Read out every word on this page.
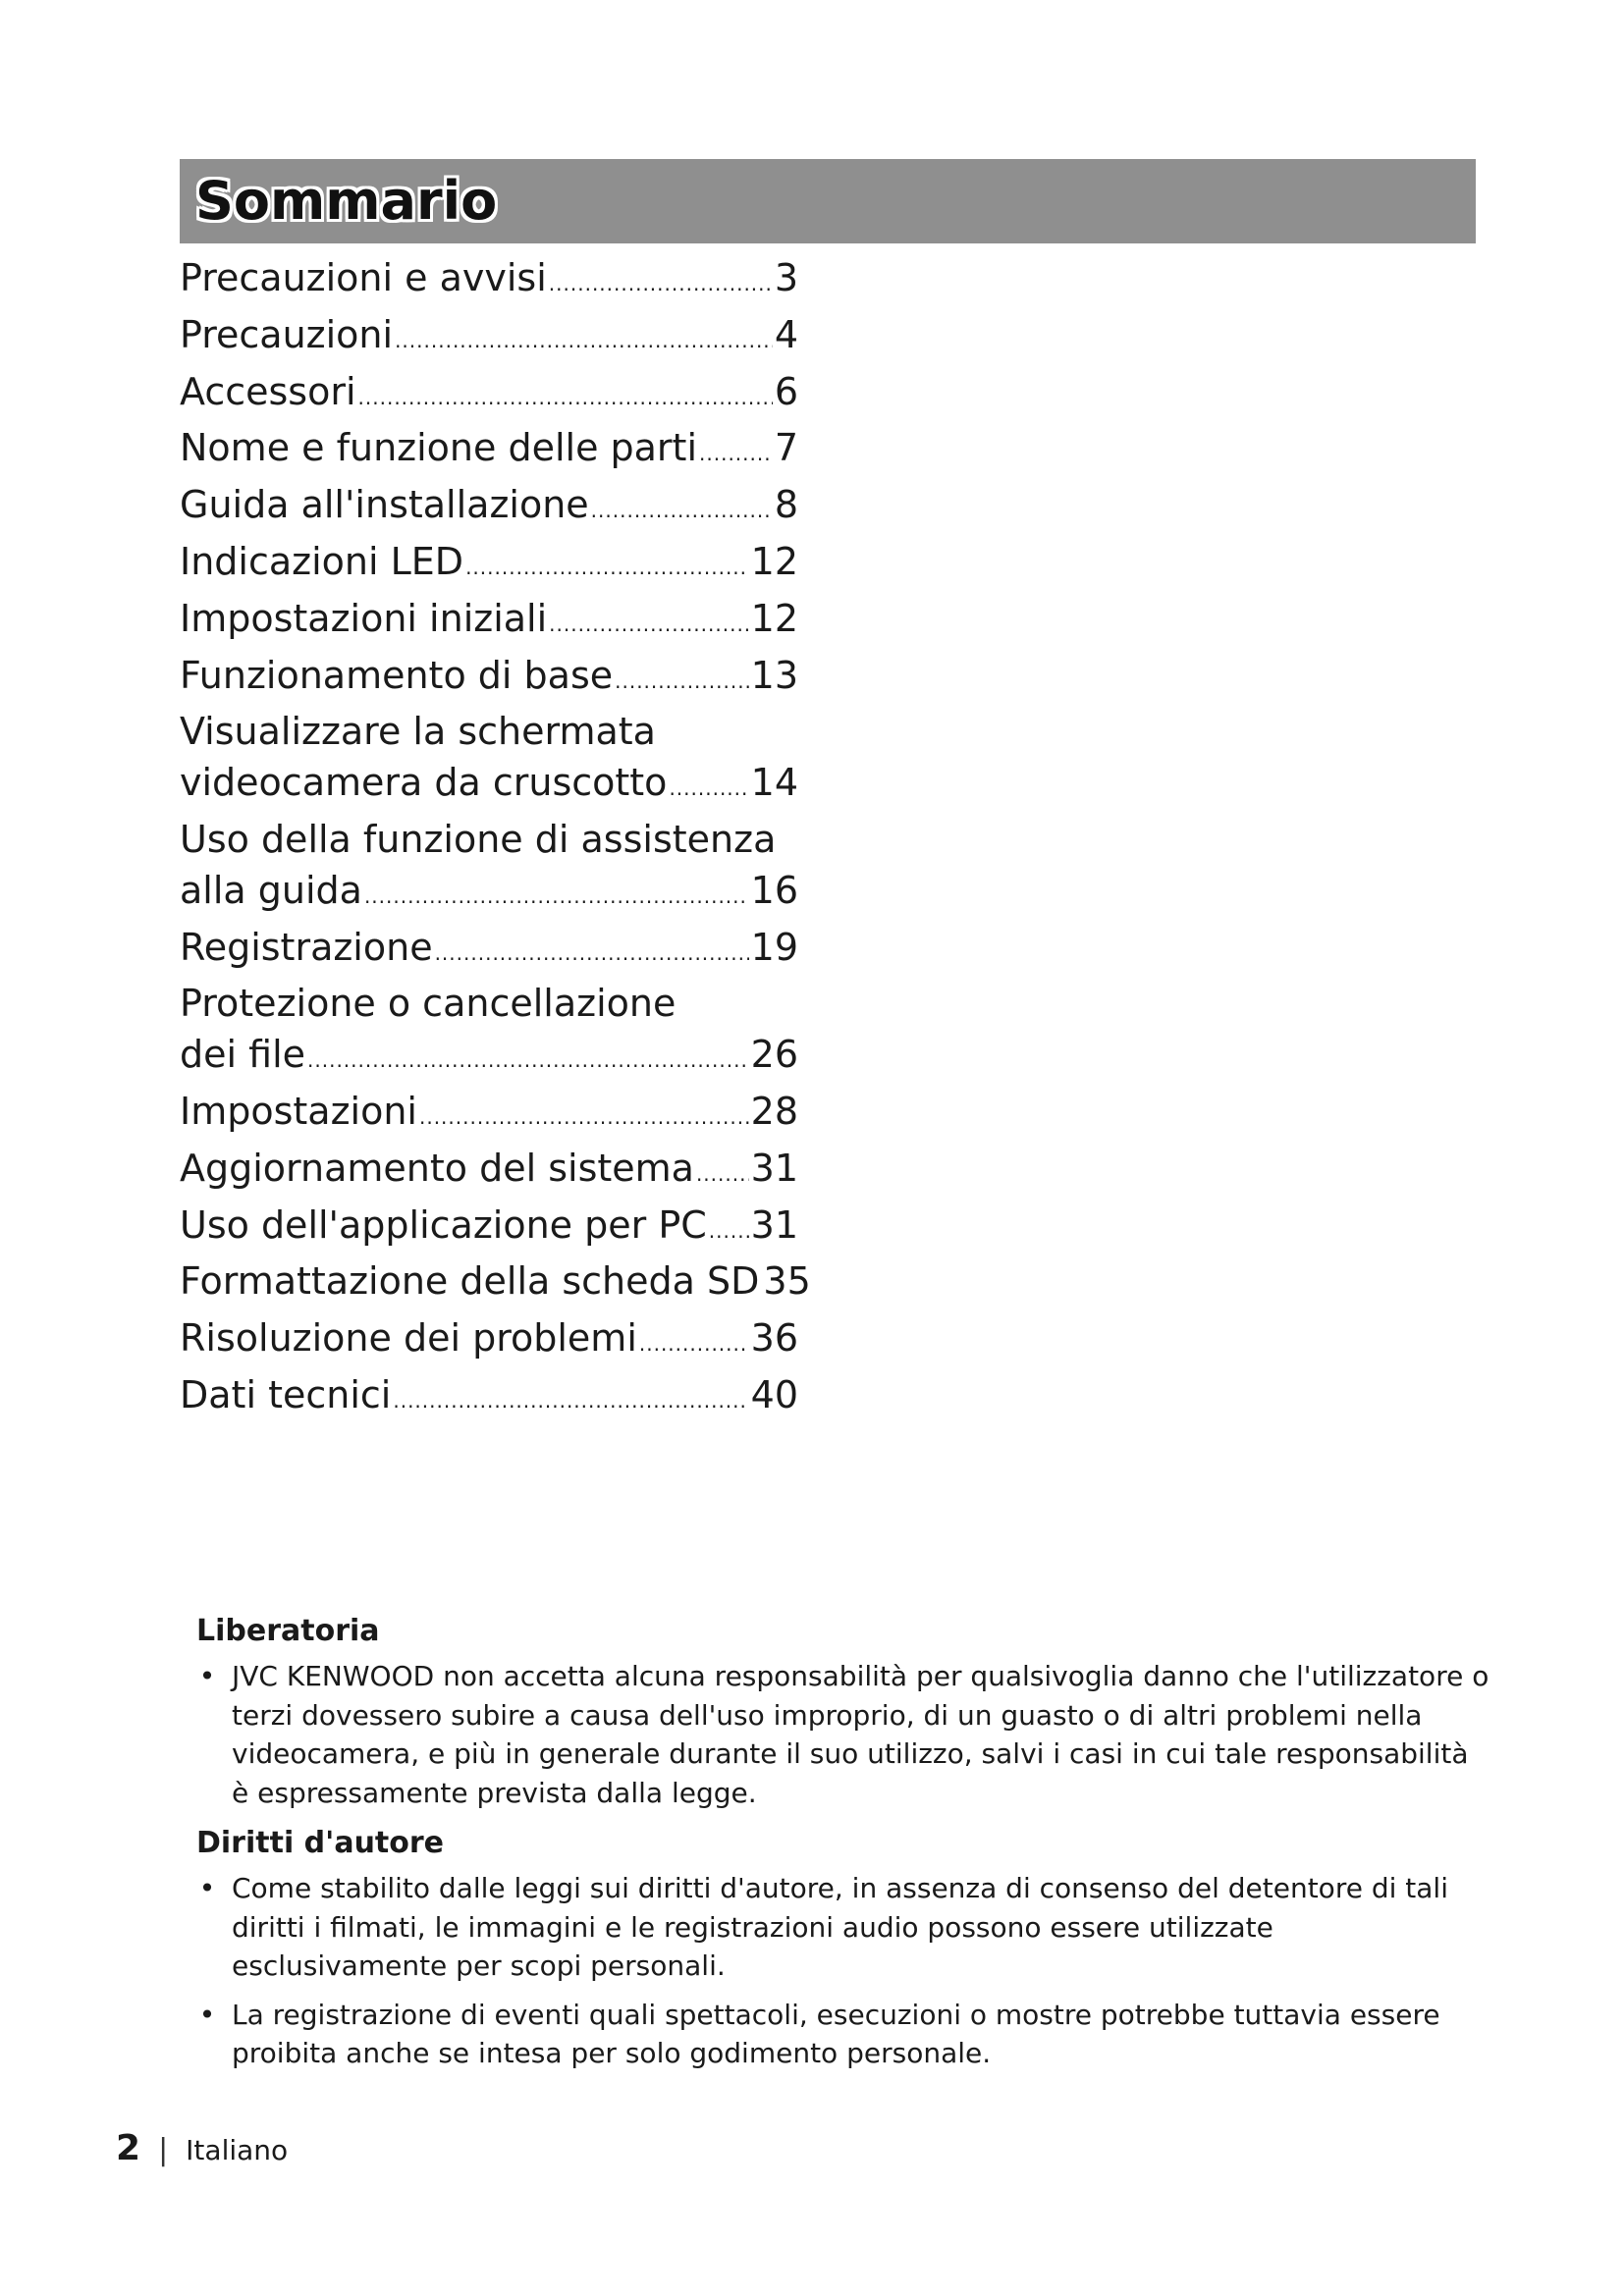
Sommario
Precauzioni e avvisi .....	3
Precauzioni .....	4
Accessori .....	6
Nome e funzione delle parti ..... 7
Guida all'installazione .....	8
Indicazioni LED .....	12
Impostazioni iniziali .....	12
Funzionamento di base .....	13
Visualizzare la schermata
videocamera da cruscotto ..... 14
Uso della funzione di assistenza
alla guida .....	16
Registrazione .....	19
Protezione o cancellazione
dei file .....	26
Impostazioni .....	28
Aggiornamento del sistema ..... 31
Uso dell'applicazione per PC ..... 31
Formattazione della scheda SD 35
Risoluzione dei problemi .....	36
Dati tecnici .....	40
Liberatoria
• JVC KENWOOD non accetta alcuna responsabilità per qualsivoglia danno che l'utilizzatore o terzi dovessero subire a causa dell'uso improprio, di un guasto o di altri problemi nella videocamera, e più in generale durante il suo utilizzo, salvi i casi in cui tale responsabilità è espressamente prevista dalla legge.
Diritti d'autore
• Come stabilito dalle leggi sui diritti d'autore, in assenza di consenso del detentore di tali diritti i filmati, le immagini e le registrazioni audio possono essere utilizzate esclusivamente per scopi personali.
• La registrazione di eventi quali spettacoli, esecuzioni o mostre potrebbe tuttavia essere proibita anche se intesa per solo godimento personale.
2 | Italiano
